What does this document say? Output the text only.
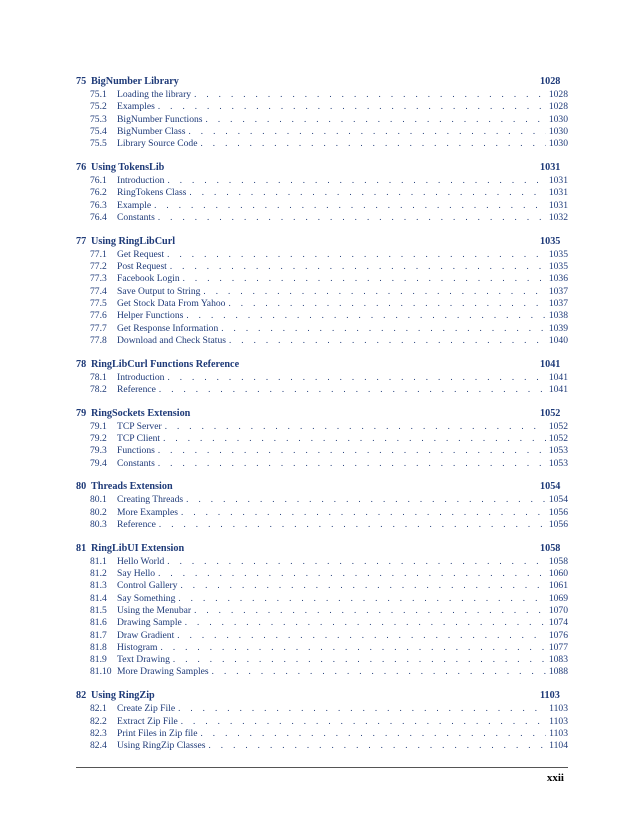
75 BigNumber Library	1028
75.1	Loading the library . . .	1028
75.2	Examples . . .	1028
75.3	BigNumber Functions . . .	1030
75.4	BigNumber Class . . .	1030
75.5	Library Source Code . . .	1030
76 Using TokensLib	1031
76.1	Introduction . . .	1031
76.2	RingTokens Class . . .	1031
76.3	Example . . .	1031
76.4	Constants . . .	1032
77 Using RingLibCurl	1035
77.1	Get Request . . .	1035
77.2	Post Request . . .	1035
77.3	Facebook Login . . .	1036
77.4	Save Output to String . . .	1037
77.5	Get Stock Data From Yahoo . . .	1037
77.6	Helper Functions . . .	1038
77.7	Get Response Information . . .	1039
77.8	Download and Check Status . . .	1040
78 RingLibCurl Functions Reference	1041
78.1	Introduction . . .	1041
78.2	Reference . . .	1041
79 RingSockets Extension	1052
79.1	TCP Server . . .	1052
79.2	TCP Client . . .	1052
79.3	Functions . . .	1053
79.4	Constants . . .	1053
80 Threads Extension	1054
80.1	Creating Threads . . .	1054
80.2	More Examples . . .	1056
80.3	Reference . . .	1056
81 RingLibUI Extension	1058
81.1	Hello World . . .	1058
81.2	Say Hello . . .	1060
81.3	Control Gallery . . .	1061
81.4	Say Something . . .	1069
81.5	Using the Menubar . . .	1070
81.6	Drawing Sample . . .	1074
81.7	Draw Gradient . . .	1076
81.8	Histogram . . .	1077
81.9	Text Drawing . . .	1083
81.10 More Drawing Samples . . .	1088
82 Using RingZip	1103
82.1	Create Zip File . . .	1103
82.2	Extract Zip File . . .	1103
82.3	Print Files in Zip file . . .	1103
82.4	Using RingZip Classes . . .	1104
xxii
